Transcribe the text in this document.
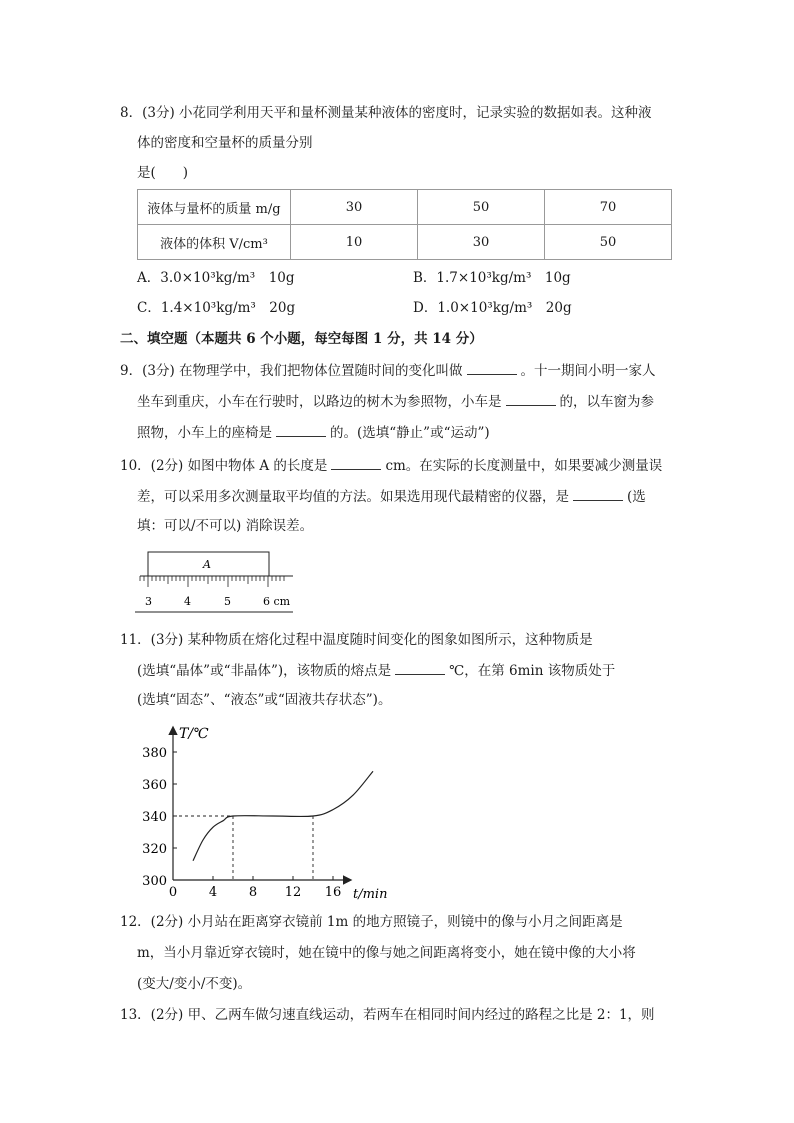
8．(3分) 小花同学利用天平和量杯测量某种液体的密度时，记录实验的数据如表。这种液
体的密度和空量杯的质量分别
是(　　)
液体与量杯的质量 m/g	30	50	70
液体的体积 V/cm³	10	30	50
A．3.0×10³kg/m³　10g	B．1.7×10³kg/m³　10g
C．1.4×10³kg/m³　20g	D．1.0×10³kg/m³　20g
二、填空题（本题共 6 个小题，每空每图 1 分，共 14 分）
9．(3分) 在物理学中，我们把物体位置随时间的变化叫做	。十一期间小明一家人
坐车到重庆，小车在行驶时，以路边的树木为参照物，小车是	的，以车窗为参
照物，小车上的座椅是	的。(选填“静止”或“运动”)
10．(2分) 如图中物体 A 的长度是	cm。在实际的长度测量中，如果要减少测量误
差，可以采用多次测量取平均值的方法。如果选用现代最精密的仪器，是	(选
填：可以/不可以) 消除误差。
A
3	4	5	6 cm
11．(3分) 某种物质在熔化过程中温度随时间变化的图象如图所示，这种物质是
(选填“晶体”或“非晶体”)，该物质的熔点是	℃，在第 6min 该物质处于
(选填“固态”、“液态”或“固液共存状态”)。
T/℃
t/min
300
320
340
360
380
0 4 8 12 16
12．(2分) 小月站在距离穿衣镜前 1m 的地方照镜子，则镜中的像与小月之间距离是
m，当小月靠近穿衣镜时，她在镜中的像与她之间距离将变小，她在镜中像的大小将
(变大/变小/不变)。
13．(2分) 甲、乙两车做匀速直线运动，若两车在相同时间内经过的路程之比是 2：1，则
